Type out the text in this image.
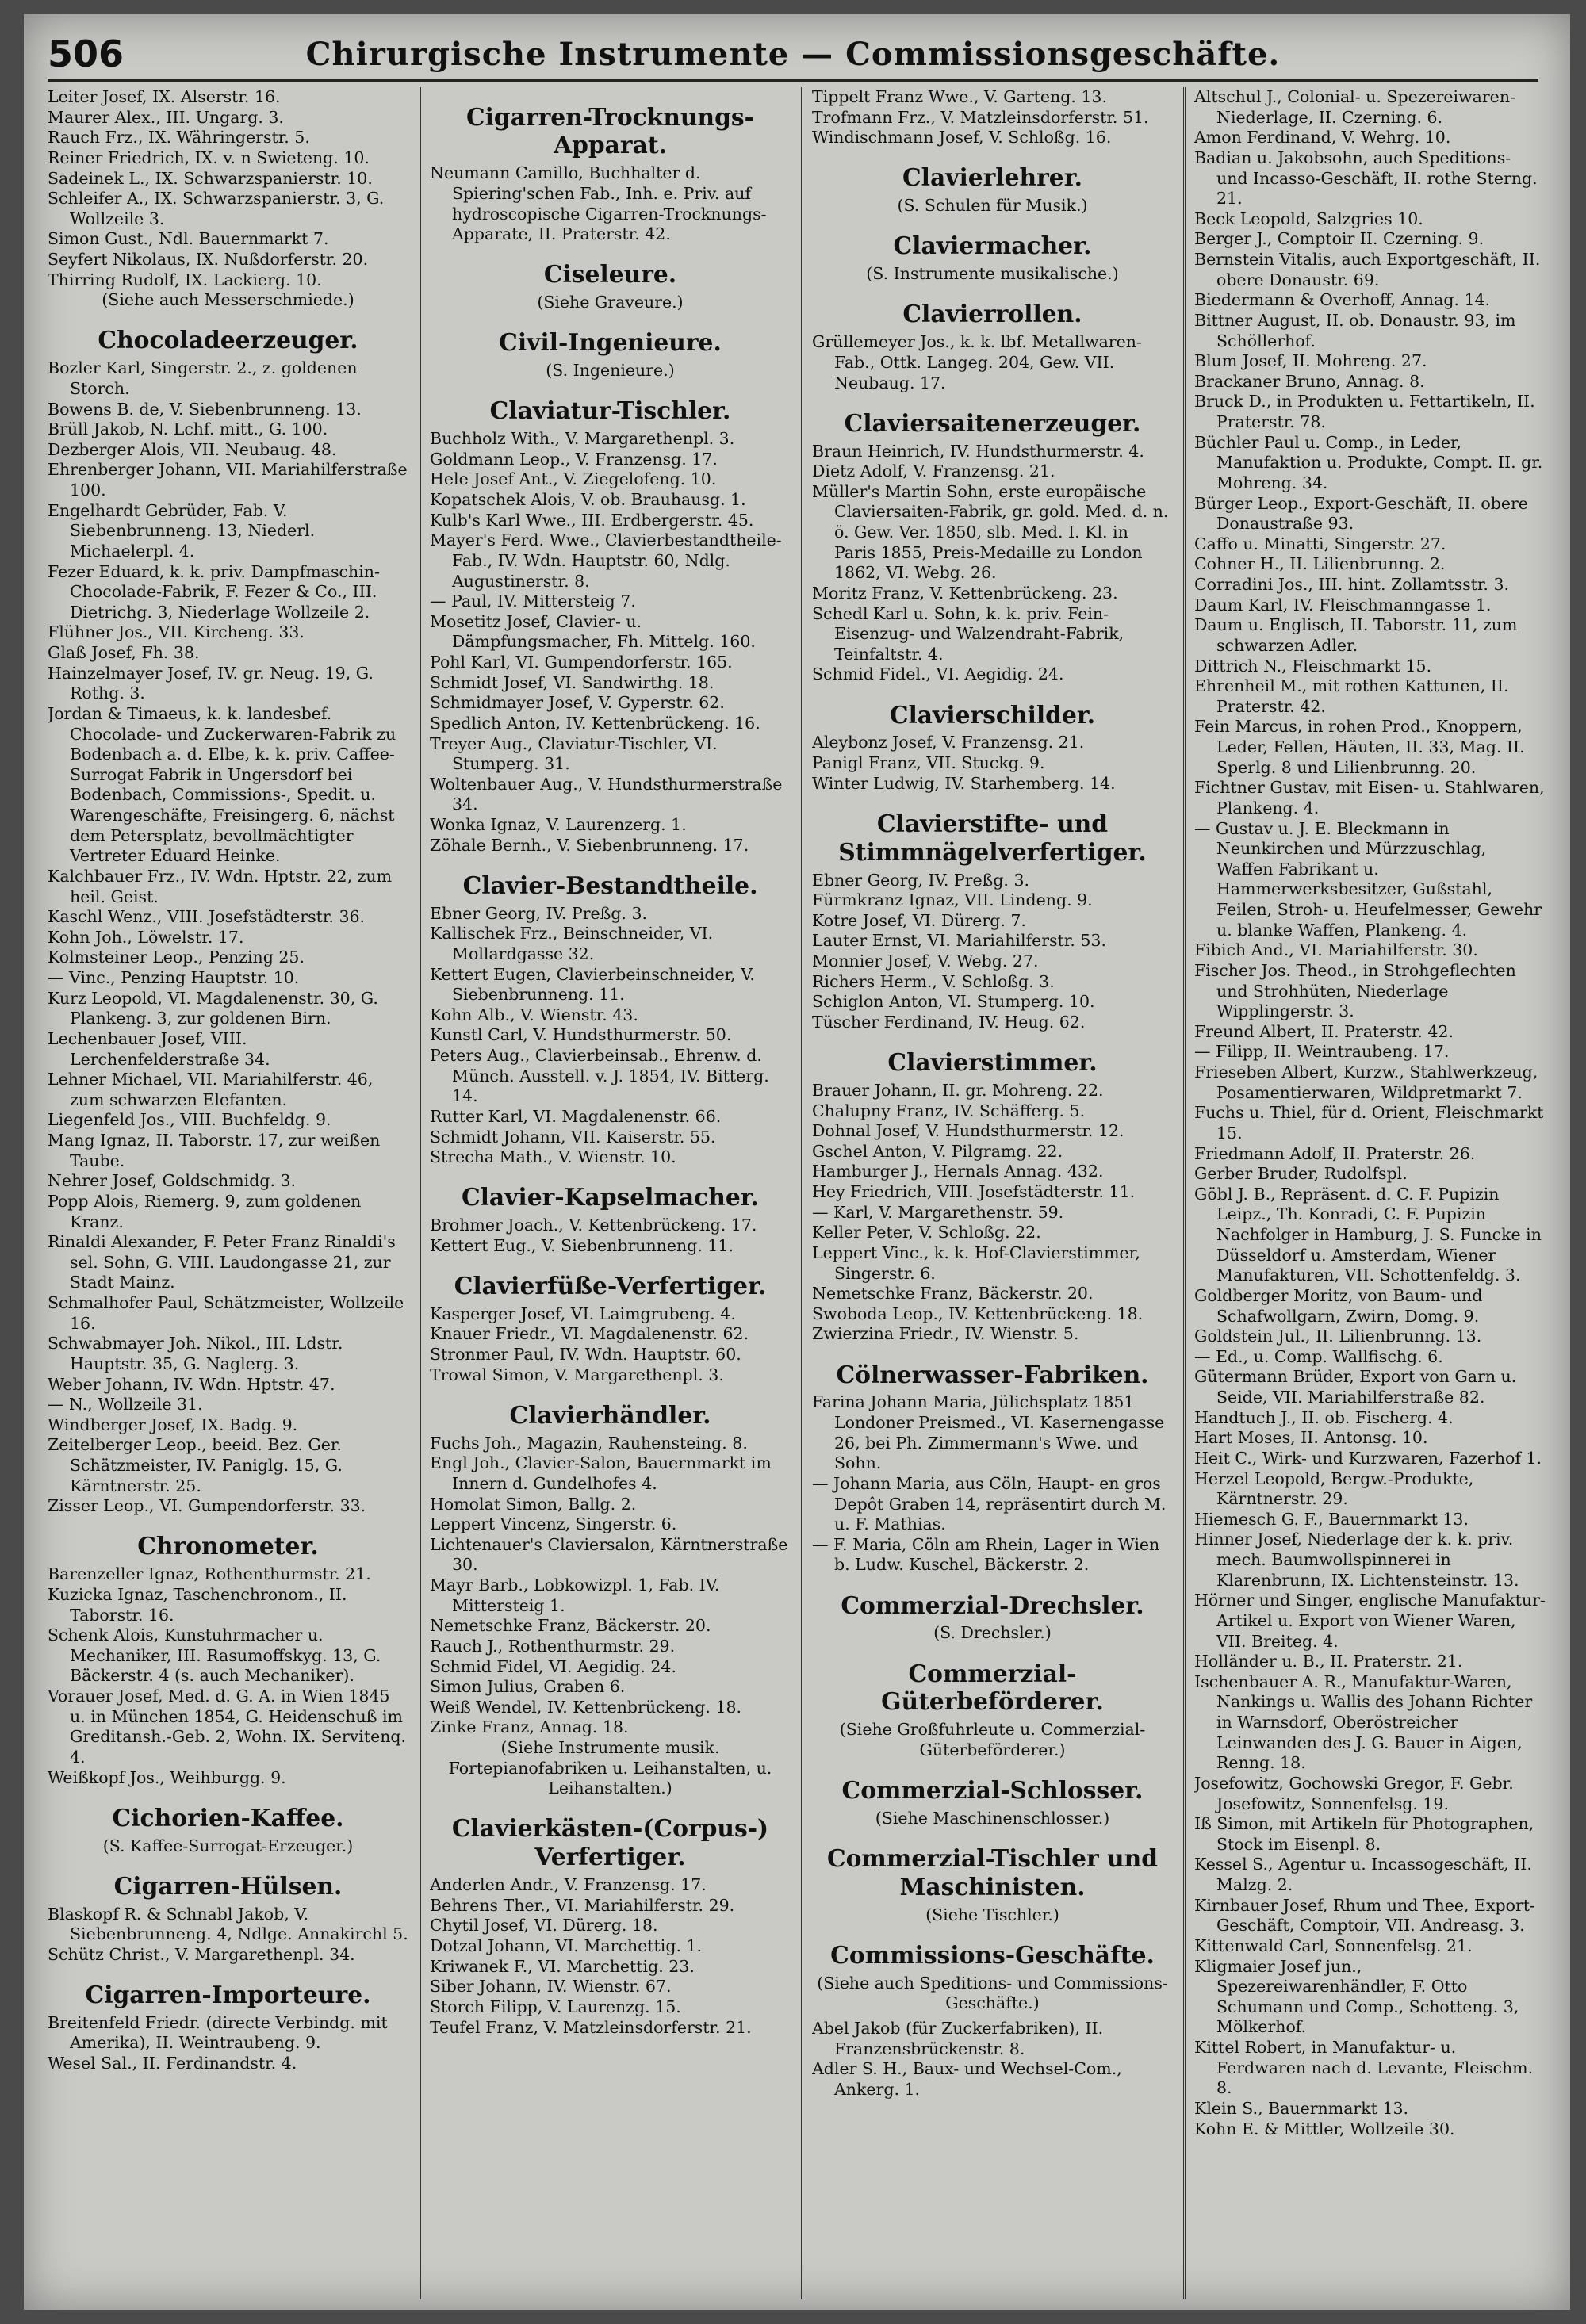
506	Chirurgische Instrumente — Commissionsgeschäfte.
Leiter Josef, IX. Alserstr. 16.
Maurer Alex., III. Ungarg. 3.
Rauch Frz., IX. Währingerstr. 5.
Reiner Friedrich, IX. v. n Swieteng. 10.
Sadeinek L., IX. Schwarzspanierstr. 10.
Schleifer A., IX. Schwarzspanierstr. 3, G. Wollzeile 3.
Simon Gust., Ndl. Bauernmarkt 7.
Seyfert Nikolaus, IX. Nußdorferstr. 20.
Thirring Rudolf, IX. Lackierg. 10.
(Siehe auch Messerschmiede.)
Chocoladeerzeuger.
Bozler Karl, Singerstr. 2., z. goldenen Storch.
Bowens B. de, V. Siebenbrunneng. 13.
Brüll Jakob, N. Lchf. mitt., G. 100.
Dezberger Alois, VII. Neubaug. 48.
Ehrenberger Johann, VII. Mariahilferstraße 100.
Engelhardt Gebrüder, Fab. V. Siebenbrunneng. 13, Niederl. Michaelerpl. 4.
Fezer Eduard, k. k. priv. Dampfmaschin-Chocolade-Fabrik, F. Fezer & Co., III. Dietrichg. 3, Niederlage Wollzeile 2.
Flühner Jos., VII. Kircheng. 33.
Glaß Josef, Fh. 38.
Hainzelmayer Josef, IV. gr. Neug. 19, G. Rothg. 3.
Jordan & Timaeus, k. k. landesbef. Chocolade- und Zuckerwaren-Fabrik zu Bodenbach a. d. Elbe, k. k. priv. Caffee-Surrogat Fabrik in Ungersdorf bei Bodenbach, Commissions-, Spedit. u. Warengeschäfte, Freisingerg. 6, nächst dem Petersplatz, bevollmächtigter Vertreter Eduard Heinke.
Kalchbauer Frz., IV. Wdn. Hptstr. 22, zum heil. Geist.
Kaschl Wenz., VIII. Josefstädterstr. 36.
Kohn Joh., Löwelstr. 17.
Kolmsteiner Leop., Penzing 25.
— Vinc., Penzing Hauptstr. 10.
Kurz Leopold, VI. Magdalenenstr. 30, G. Plankeng. 3, zur goldenen Birn.
Lechenbauer Josef, VIII. Lerchenfelderstraße 34.
Lehner Michael, VII. Mariahilferstr. 46, zum schwarzen Elefanten.
Liegenfeld Jos., VIII. Buchfeldg. 9.
Mang Ignaz, II. Taborstr. 17, zur weißen Taube.
Nehrer Josef, Goldschmidg. 3.
Popp Alois, Riemerg. 9, zum goldenen Kranz.
Rinaldi Alexander, F. Peter Franz Rinaldi's sel. Sohn, G. VIII. Laudongasse 21, zur Stadt Mainz.
Schmalhofer Paul, Schätzmeister, Wollzeile 16.
Schwabmayer Joh. Nikol., III. Ldstr. Hauptstr. 35, G. Naglerg. 3.
Weber Johann, IV. Wdn. Hptstr. 47.
— N., Wollzeile 31.
Windberger Josef, IX. Badg. 9.
Zeitelberger Leop., beeid. Bez. Ger. Schätzmeister, IV. Paniglg. 15, G. Kärntnerstr. 25.
Zisser Leop., VI. Gumpendorferstr. 33.
Chronometer.
Barenzeller Ignaz, Rothenthurmstr. 21.
Kuzicka Ignaz, Taschenchronom., II. Taborstr. 16.
Schenk Alois, Kunstuhrmacher u. Mechaniker, III. Rasumoffskyg. 13, G. Bäckerstr. 4 (s. auch Mechaniker).
Vorauer Josef, Med. d. G. A. in Wien 1845 u. in München 1854, G. Heidenschuß im Greditansh.-Geb. 2, Wohn. IX. Servitenq. 4.
Weißkopf Jos., Weihburgg. 9.
Cichorien-Kaffee.
(S. Kaffee-Surrogat-Erzeuger.)
Cigarren-Hülsen.
Blaskopf R. & Schnabl Jakob, V. Siebenbrunneng. 4, Ndlge. Annakirchl 5.
Schütz Christ., V. Margarethenpl. 34.
Cigarren-Importeure.
Breitenfeld Friedr. (directe Verbindg. mit Amerika), II. Weintraubeng. 9.
Wesel Sal., II. Ferdinandstr. 4.
Cigarren-Trocknungs-Apparat.
Neumann Camillo, Buchhalter d. Spiering'schen Fab., Inh. e. Priv. auf hydroscopische Cigarren-Trocknungs-Apparate, II. Praterstr. 42.
Ciseleure.
(Siehe Graveure.)
Civil-Ingenieure.
(S. Ingenieure.)
Claviatur-Tischler.
Buchholz With., V. Margarethenpl. 3.
Goldmann Leop., V. Franzensg. 17.
Hele Josef Ant., V. Ziegelofeng. 10.
Kopatschek Alois, V. ob. Brauhausg. 1.
Kulb's Karl Wwe., III. Erdbergerstr. 45.
Mayer's Ferd. Wwe., Clavierbestandtheile-Fab., IV. Wdn. Hauptstr. 60, Ndlg. Augustinerstr. 8.
— Paul, IV. Mittersteig 7.
Mosetitz Josef, Clavier- u. Dämpfungsmacher, Fh. Mittelg. 160.
Pohl Karl, VI. Gumpendorferstr. 165.
Schmidt Josef, VI. Sandwirthg. 18.
Schmidmayer Josef, V. Gyperstr. 62.
Spedlich Anton, IV. Kettenbrückeng. 16.
Treyer Aug., Claviatur-Tischler, VI. Stumperg. 31.
Woltenbauer Aug., V. Hundsthurmerstraße 34.
Wonka Ignaz, V. Laurenzerg. 1.
Zöhale Bernh., V. Siebenbrunneng. 17.
Clavier-Bestandtheile.
Ebner Georg, IV. Preßg. 3.
Kallischek Frz., Beinschneider, VI. Mollardgasse 32.
Kettert Eugen, Clavierbeinschneider, V. Siebenbrunneng. 11.
Kohn Alb., V. Wienstr. 43.
Kunstl Carl, V. Hundsthurmerstr. 50.
Peters Aug., Clavierbeinsab., Ehrenw. d. Münch. Ausstell. v. J. 1854, IV. Bitterg. 14.
Rutter Karl, VI. Magdalenenstr. 66.
Schmidt Johann, VII. Kaiserstr. 55.
Strecha Math., V. Wienstr. 10.
Clavier-Kapselmacher.
Brohmer Joach., V. Kettenbrückeng. 17.
Kettert Eug., V. Siebenbrunneng. 11.
Clavierfüße-Verfertiger.
Kasperger Josef, VI. Laimgrubeng. 4.
Knauer Friedr., VI. Magdalenenstr. 62.
Stronmer Paul, IV. Wdn. Hauptstr. 60.
Trowal Simon, V. Margarethenpl. 3.
Clavierhändler.
Fuchs Joh., Magazin, Rauhensteing. 8.
Engl Joh., Clavier-Salon, Bauernmarkt im Innern d. Gundelhofes 4.
Homolat Simon, Ballg. 2.
Leppert Vincenz, Singerstr. 6.
Lichtenauer's Claviersalon, Kärntnerstraße 30.
Mayr Barb., Lobkowizpl. 1, Fab. IV. Mittersteig 1.
Nemetschke Franz, Bäckerstr. 20.
Rauch J., Rothenthurmstr. 29.
Schmid Fidel, VI. Aegidig. 24.
Simon Julius, Graben 6.
Weiß Wendel, IV. Kettenbrückeng. 18.
Zinke Franz, Annag. 18.
(Siehe Instrumente musik. Fortepianofabriken u. Leihanstalten, u. Leihanstalten.)
Clavierkästen-(Corpus-) Verfertiger.
Anderlen Andr., V. Franzensg. 17.
Behrens Ther., VI. Mariahilferstr. 29.
Chytil Josef, VI. Dürerg. 18.
Dotzal Johann, VI. Marchettig. 1.
Kriwanek F., VI. Marchettig. 23.
Siber Johann, IV. Wienstr. 67.
Storch Filipp, V. Laurenzg. 15.
Teufel Franz, V. Matzleinsdorferstr. 21.
Tippelt Franz Wwe., V. Garteng. 13.
Trofmann Frz., V. Matzleinsdorferstr. 51.
Windischmann Josef, V. Schloßg. 16.
Clavierlehrer.
(S. Schulen für Musik.)
Claviermacher.
(S. Instrumente musikalische.)
Clavierrollen.
Grüllemeyer Jos., k. k. lbf. Metallwaren-Fab., Ottk. Langeg. 204, Gew. VII. Neubaug. 17.
Claviersaitenerzeuger.
Braun Heinrich, IV. Hundsthurmerstr. 4.
Dietz Adolf, V. Franzensg. 21.
Müller's Martin Sohn, erste europäische Claviersaiten-Fabrik, gr. gold. Med. d. n. ö. Gew. Ver. 1850, slb. Med. I. Kl. in Paris 1855, Preis-Medaille zu London 1862, VI. Webg. 26.
Moritz Franz, V. Kettenbrückeng. 23.
Schedl Karl u. Sohn, k. k. priv. Fein-Eisenzug- und Walzendraht-Fabrik, Teinfaltstr. 4.
Schmid Fidel., VI. Aegidig. 24.
Clavierschilder.
Aleybonz Josef, V. Franzensg. 21.
Panigl Franz, VII. Stuckg. 9.
Winter Ludwig, IV. Starhemberg. 14.
Clavierstifte- und Stimmnägelverfertiger.
Ebner Georg, IV. Preßg. 3.
Fürmkranz Ignaz, VII. Lindeng. 9.
Kotre Josef, VI. Dürerg. 7.
Lauter Ernst, VI. Mariahilferstr. 53.
Monnier Josef, V. Webg. 27.
Richers Herm., V. Schloßg. 3.
Schiglon Anton, VI. Stumperg. 10.
Tüscher Ferdinand, IV. Heug. 62.
Clavierstimmer.
Brauer Johann, II. gr. Mohreng. 22.
Chalupny Franz, IV. Schäfferg. 5.
Dohnal Josef, V. Hundsthurmerstr. 12.
Gschel Anton, V. Pilgramg. 22.
Hamburger J., Hernals Annag. 432.
Hey Friedrich, VIII. Josefstädterstr. 11.
— Karl, V. Margarethenstr. 59.
Keller Peter, V. Schloßg. 22.
Leppert Vinc., k. k. Hof-Clavierstimmer, Singerstr. 6.
Nemetschke Franz, Bäckerstr. 20.
Swoboda Leop., IV. Kettenbrückeng. 18.
Zwierzina Friedr., IV. Wienstr. 5.
Cölnerwasser-Fabriken.
Farina Johann Maria, Jülichsplatz 1851 Londoner Preismed., VI. Kasernengasse 26, bei Ph. Zimmermann's Wwe. und Sohn.
— Johann Maria, aus Cöln, Haupt- en gros Depôt Graben 14, repräsentirt durch M. u. F. Mathias.
— F. Maria, Cöln am Rhein, Lager in Wien b. Ludw. Kuschel, Bäckerstr. 2.
Commerzial-Drechsler.
(S. Drechsler.)
Commerzial-Güterbeförderer.
(Siehe Großfuhrleute u. Commerzial-Güterbeförderer.)
Commerzial-Schlosser.
(Siehe Maschinenschlosser.)
Commerzial-Tischler und Maschinisten.
(Siehe Tischler.)
Commissions-Geschäfte.
(Siehe auch Speditions- und Commissions-Geschäfte.)
Abel Jakob (für Zuckerfabriken), II. Franzensbrückenstr. 8.
Adler S. H., Baux- und Wechsel-Com., Ankerg. 1.
Altschul J., Colonial- u. Spezereiwaren-Niederlage, II. Czerning. 6.
Amon Ferdinand, V. Wehrg. 10.
Badian u. Jakobsohn, auch Speditions- und Incasso-Geschäft, II. rothe Sterng. 21.
Beck Leopold, Salzgries 10.
Berger J., Comptoir II. Czerning. 9.
Bernstein Vitalis, auch Exportgeschäft, II. obere Donaustr. 69.
Biedermann & Overhoff, Annag. 14.
Bittner August, II. ob. Donaustr. 93, im Schöllerhof.
Blum Josef, II. Mohreng. 27.
Brackaner Bruno, Annag. 8.
Bruck D., in Produkten u. Fettartikeln, II. Praterstr. 78.
Büchler Paul u. Comp., in Leder, Manufaktion u. Produkte, Compt. II. gr. Mohreng. 34.
Bürger Leop., Export-Geschäft, II. obere Donaustraße 93.
Caffo u. Minatti, Singerstr. 27.
Cohner H., II. Lilienbrunng. 2.
Corradini Jos., III. hint. Zollamtsstr. 3.
Daum Karl, IV. Fleischmanngasse 1.
Daum u. Englisch, II. Taborstr. 11, zum schwarzen Adler.
Dittrich N., Fleischmarkt 15.
Ehrenheil M., mit rothen Kattunen, II. Praterstr. 42.
Fein Marcus, in rohen Prod., Knoppern, Leder, Fellen, Häuten, II. 33, Mag. II. Sperlg. 8 und Lilienbrunng. 20.
Fichtner Gustav, mit Eisen- u. Stahlwaren, Plankeng. 4.
— Gustav u. J. E. Bleckmann in Neunkirchen und Mürzzuschlag, Waffen Fabrikant u. Hammerwerksbesitzer, Gußstahl, Feilen, Stroh- u. Heufelmesser, Gewehr u. blanke Waffen, Plankeng. 4.
Fibich And., VI. Mariahilferstr. 30.
Fischer Jos. Theod., in Strohgeflechten und Strohhüten, Niederlage Wipplingerstr. 3.
Freund Albert, II. Praterstr. 42.
— Filipp, II. Weintraubeng. 17.
Frieseben Albert, Kurzw., Stahlwerkzeug, Posamentierwaren, Wildpretmarkt 7.
Fuchs u. Thiel, für d. Orient, Fleischmarkt 15.
Friedmann Adolf, II. Praterstr. 26.
Gerber Bruder, Rudolfspl.
Göbl J. B., Repräsent. d. C. F. Pupizin Leipz., Th. Konradi, C. F. Pupizin Nachfolger in Hamburg, J. S. Funcke in Düsseldorf u. Amsterdam, Wiener Manufakturen, VII. Schottenfeldg. 3.
Goldberger Moritz, von Baum- und Schafwollgarn, Zwirn, Domg. 9.
Goldstein Jul., II. Lilienbrunng. 13.
— Ed., u. Comp. Wallfischg. 6.
Gütermann Brüder, Export von Garn u. Seide, VII. Mariahilferstraße 82.
Handtuch J., II. ob. Fischerg. 4.
Hart Moses, II. Antonsg. 10.
Heit C., Wirk- und Kurzwaren, Fazerhof 1.
Herzel Leopold, Bergw.-Produkte, Kärntnerstr. 29.
Hiemesch G. F., Bauernmarkt 13.
Hinner Josef, Niederlage der k. k. priv. mech. Baumwollspinnerei in Klarenbrunn, IX. Lichtensteinstr. 13.
Hörner und Singer, englische Manufaktur-Artikel u. Export von Wiener Waren, VII. Breiteg. 4.
Holländer u. B., II. Praterstr. 21.
Ischenbauer A. R., Manufaktur-Waren, Nankings u. Wallis des Johann Richter in Warnsdorf, Oberöstreicher Leinwanden des J. G. Bauer in Aigen, Renng. 18.
Josefowitz, Gochowski Gregor, F. Gebr. Josefowitz, Sonnenfelsg. 19.
Iß Simon, mit Artikeln für Photographen, Stock im Eisenpl. 8.
Kessel S., Agentur u. Incassogeschäft, II. Malzg. 2.
Kirnbauer Josef, Rhum und Thee, Export-Geschäft, Comptoir, VII. Andreasg. 3.
Kittenwald Carl, Sonnenfelsg. 21.
Kligmaier Josef jun., Spezereiwarenhändler, F. Otto Schumann und Comp., Schotteng. 3, Mölkerhof.
Kittel Robert, in Manufaktur- u. Ferdwaren nach d. Levante, Fleischm. 8.
Klein S., Bauernmarkt 13.
Kohn E. & Mittler, Wollzeile 30.
